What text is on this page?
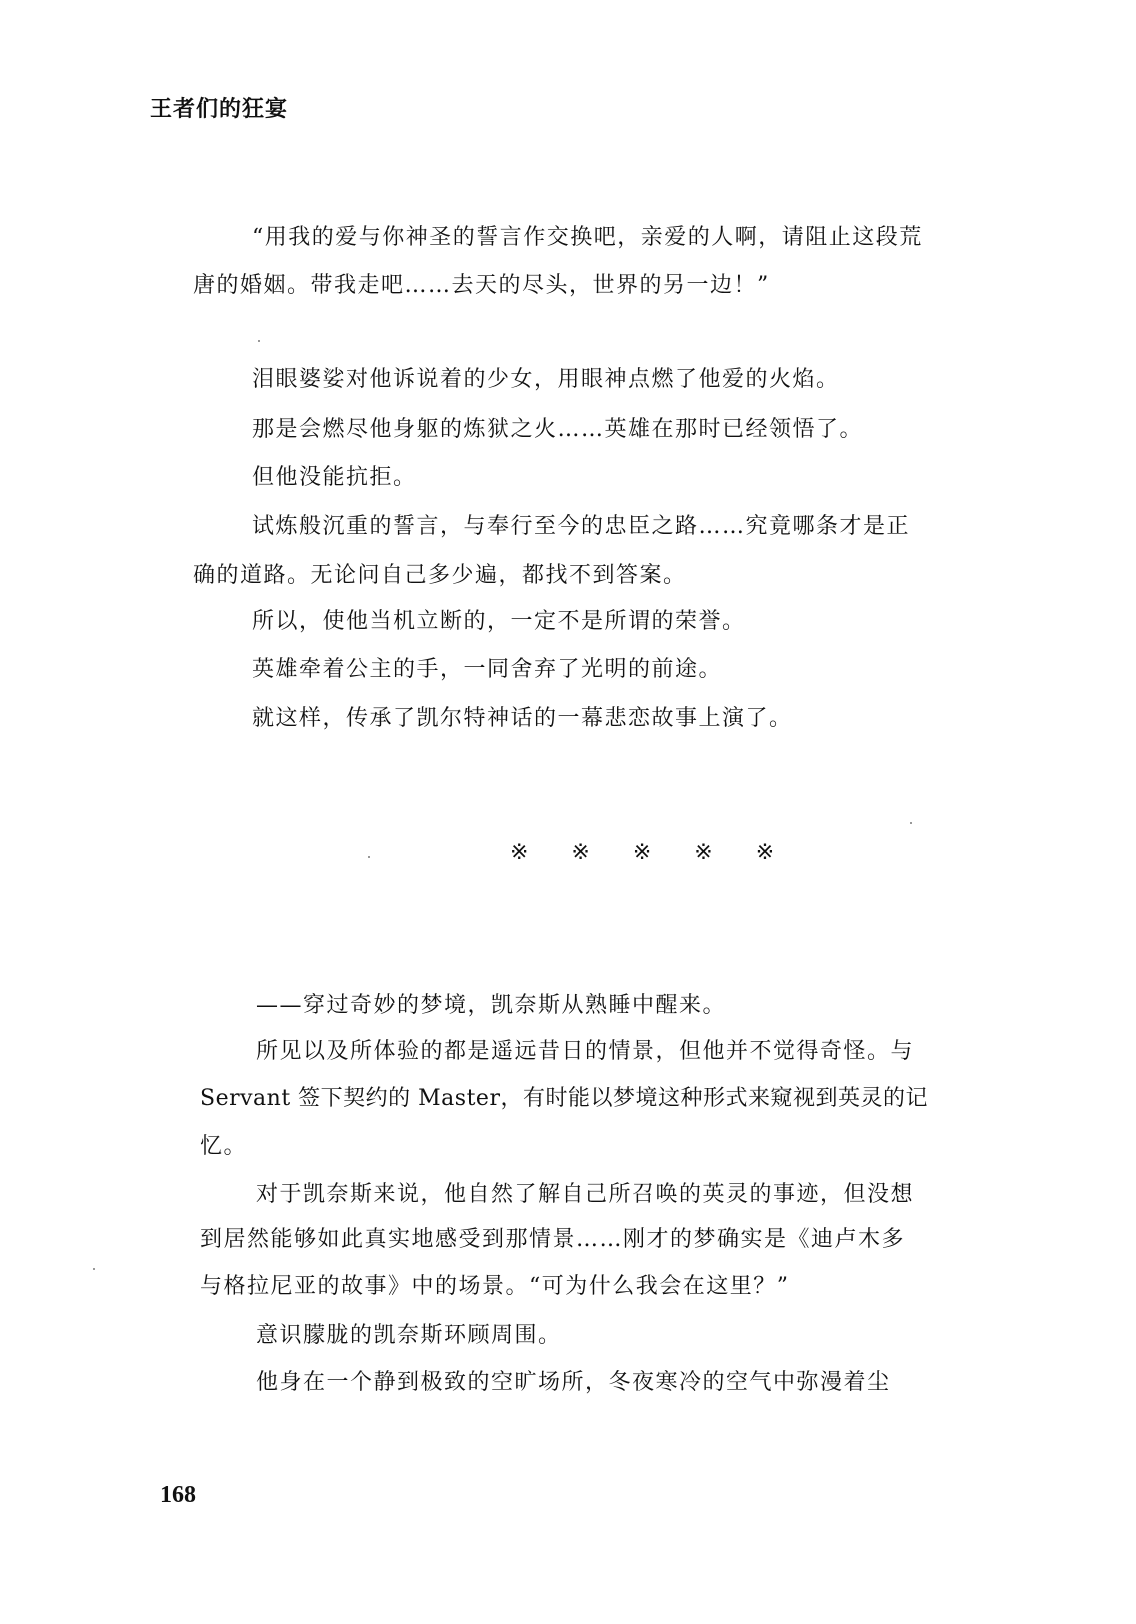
王者们的狂宴
“用我的爱与你神圣的誓言作交换吧，亲爱的人啊，请阻止这段荒
唐的婚姻。带我走吧……去天的尽头，世界的另一边！”
泪眼婆娑对他诉说着的少女，用眼神点燃了他爱的火焰。
那是会燃尽他身躯的炼狱之火……英雄在那时已经领悟了。
但他没能抗拒。
试炼般沉重的誓言，与奉行至今的忠臣之路……究竟哪条才是正
确的道路。无论问自己多少遍，都找不到答案。
所以，使他当机立断的，一定不是所谓的荣誉。
英雄牵着公主的手，一同舍弃了光明的前途。
就这样，传承了凯尔特神话的一幕悲恋故事上演了。
※ ※ ※ ※ ※
——穿过奇妙的梦境，凯奈斯从熟睡中醒来。
所见以及所体验的都是遥远昔日的情景，但他并不觉得奇怪。与
Servant 签下契约的 Master，有时能以梦境这种形式来窥视到英灵的记
忆。
对于凯奈斯来说，他自然了解自己所召唤的英灵的事迹，但没想
到居然能够如此真实地感受到那情景……刚才的梦确实是《迪卢木多
与格拉尼亚的故事》中的场景。“可为什么我会在这里？”
意识朦胧的凯奈斯环顾周围。
他身在一个静到极致的空旷场所，冬夜寒冷的空气中弥漫着尘
168
